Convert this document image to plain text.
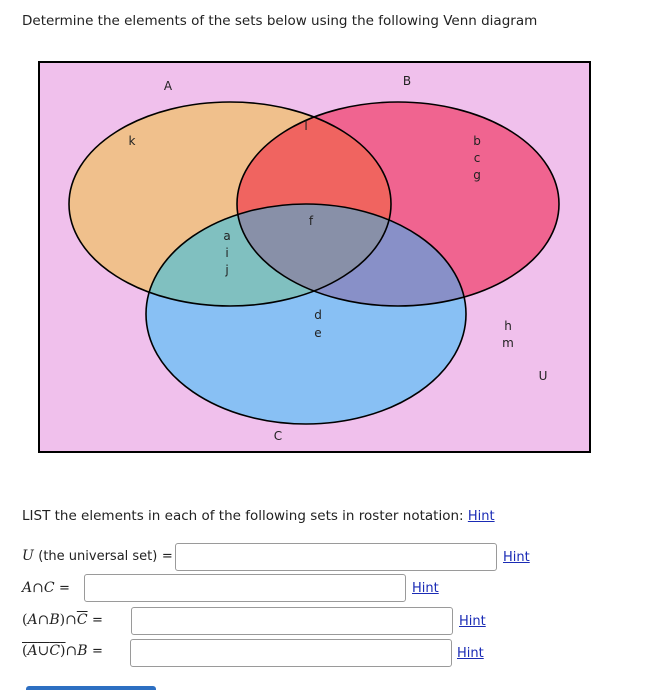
Determine the elements of the sets below using the following Venn diagram
A	B
C
U
k
l
b
c
g
f
a
i
j
d
e	h
m
LIST the elements in each of the following sets in roster notation: Hint
U (the universal set) =	Hint
A∩C =	Hint
$(A\cap B)\cap\overline{C}$ =	Hint
(A∪C)∩B =	Hint
